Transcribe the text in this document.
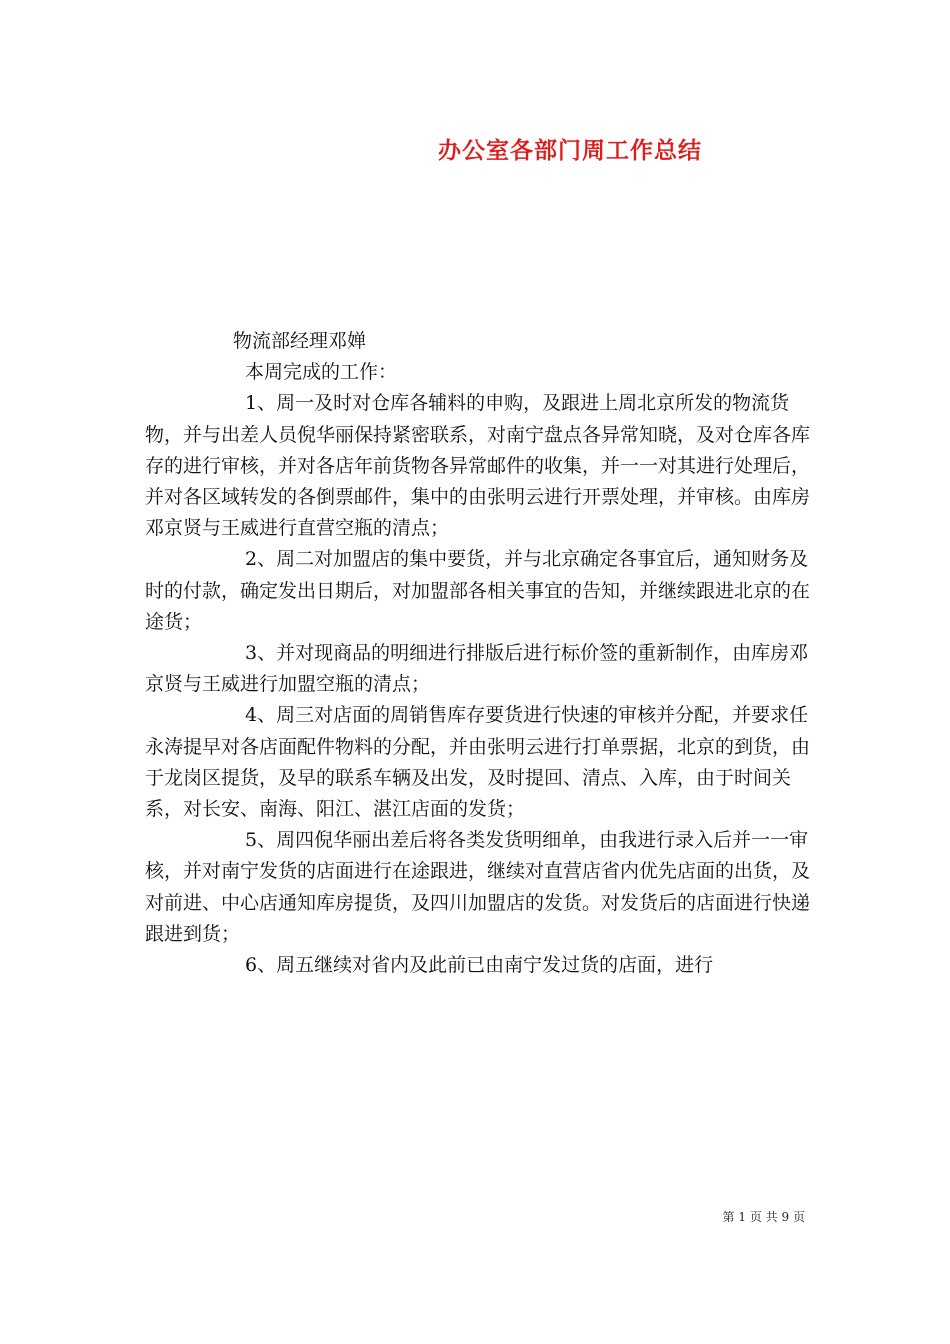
办公室各部门周工作总结

物流部经理邓婵

本周完成的工作：

1、周一及时对仓库各辅料的申购，及跟进上周北京所发的物流货物，并与出差人员倪华丽保持紧密联系，对南宁盘点各异常知晓，及对仓库各库存的进行审核，并对各店年前货物各异常邮件的收集，并一一对其进行处理后，并对各区域转发的各倒票邮件，集中的由张明云进行开票处理，并审核。由库房邓京贤与王威进行直营空瓶的清点；

2、周二对加盟店的集中要货，并与北京确定各事宜后，通知财务及时的付款，确定发出日期后，对加盟部各相关事宜的告知，并继续跟进北京的在途货；

3、并对现商品的明细进行排版后进行标价签的重新制作，由库房邓京贤与王威进行加盟空瓶的清点；

4、周三对店面的周销售库存要货进行快速的审核并分配，并要求任永涛提早对各店面配件物料的分配，并由张明云进行打单票据，北京的到货，由于龙岗区提货，及早的联系车辆及出发，及时提回、清点、入库，由于时间关系，对长安、南海、阳江、湛江店面的发货；

5、周四倪华丽出差后将各类发货明细单，由我进行录入后并一一审核，并对南宁发货的店面进行在途跟进，继续对直营店省内优先店面的出货，及对前进、中心店通知库房提货，及四川加盟店的发货。对发货后的店面进行快递跟进到货；

6、周五继续对省内及此前已由南宁发过货的店面，进行

第 1 页 共 9 页
